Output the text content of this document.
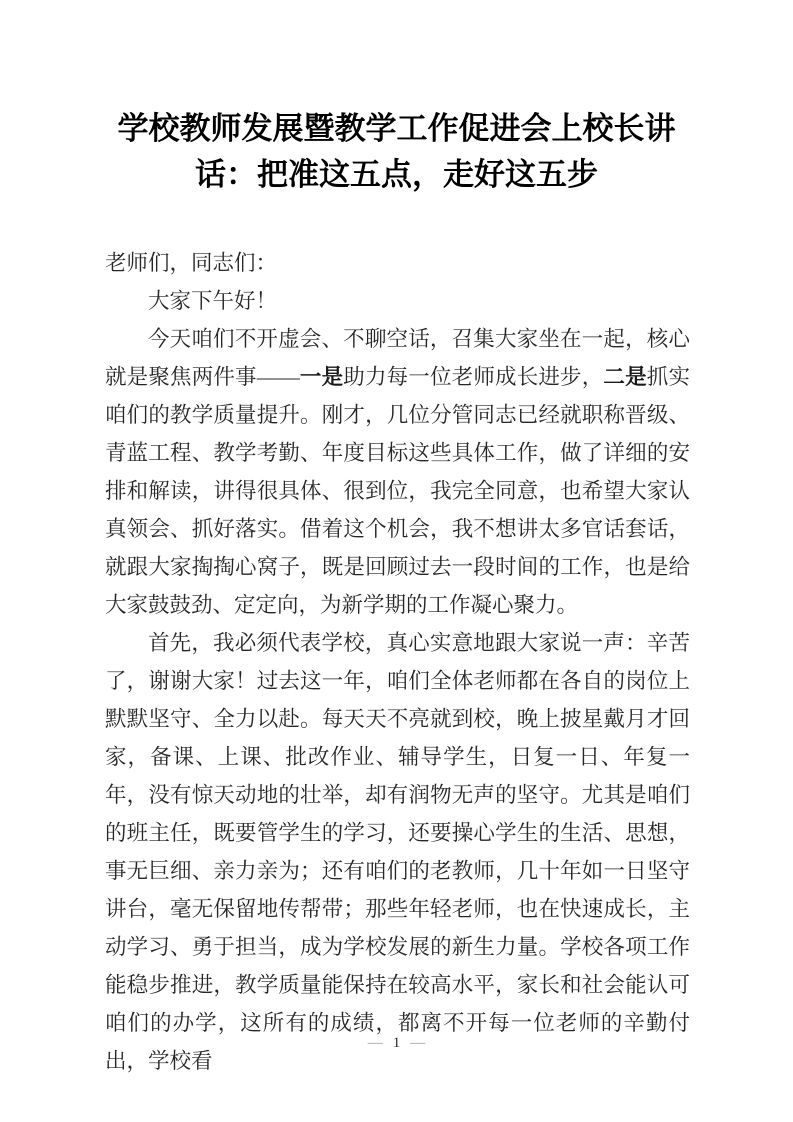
学校教师发展暨教学工作促进会上校长讲话：把准这五点，走好这五步

老师们，同志们：

大家下午好！

今天咱们不开虚会、不聊空话，召集大家坐在一起，核心就是聚焦两件事——一是助力每一位老师成长进步，二是抓实咱们的教学质量提升。刚才，几位分管同志已经就职称晋级、青蓝工程、教学考勤、年度目标这些具体工作，做了详细的安排和解读，讲得很具体、很到位，我完全同意，也希望大家认真领会、抓好落实。借着这个机会，我不想讲太多官话套话，就跟大家掏掏心窝子，既是回顾过去一段时间的工作，也是给大家鼓鼓劲、定定向，为新学期的工作凝心聚力。

首先，我必须代表学校，真心实意地跟大家说一声：辛苦了，谢谢大家！过去这一年，咱们全体老师都在各自的岗位上默默坚守、全力以赴。每天天不亮就到校，晚上披星戴月才回家，备课、上课、批改作业、辅导学生，日复一日、年复一年，没有惊天动地的壮举，却有润物无声的坚守。尤其是咱们的班主任，既要管学生的学习，还要操心学生的生活、思想，事无巨细、亲力亲为；还有咱们的老教师，几十年如一日坚守讲台，毫无保留地传帮带；那些年轻老师，也在快速成长，主动学习、勇于担当，成为学校发展的新生力量。学校各项工作能稳步推进，教学质量能保持在较高水平，家长和社会能认可咱们的办学，这所有的成绩，都离不开每一位老师的辛勤付出，学校看

— 1 —
